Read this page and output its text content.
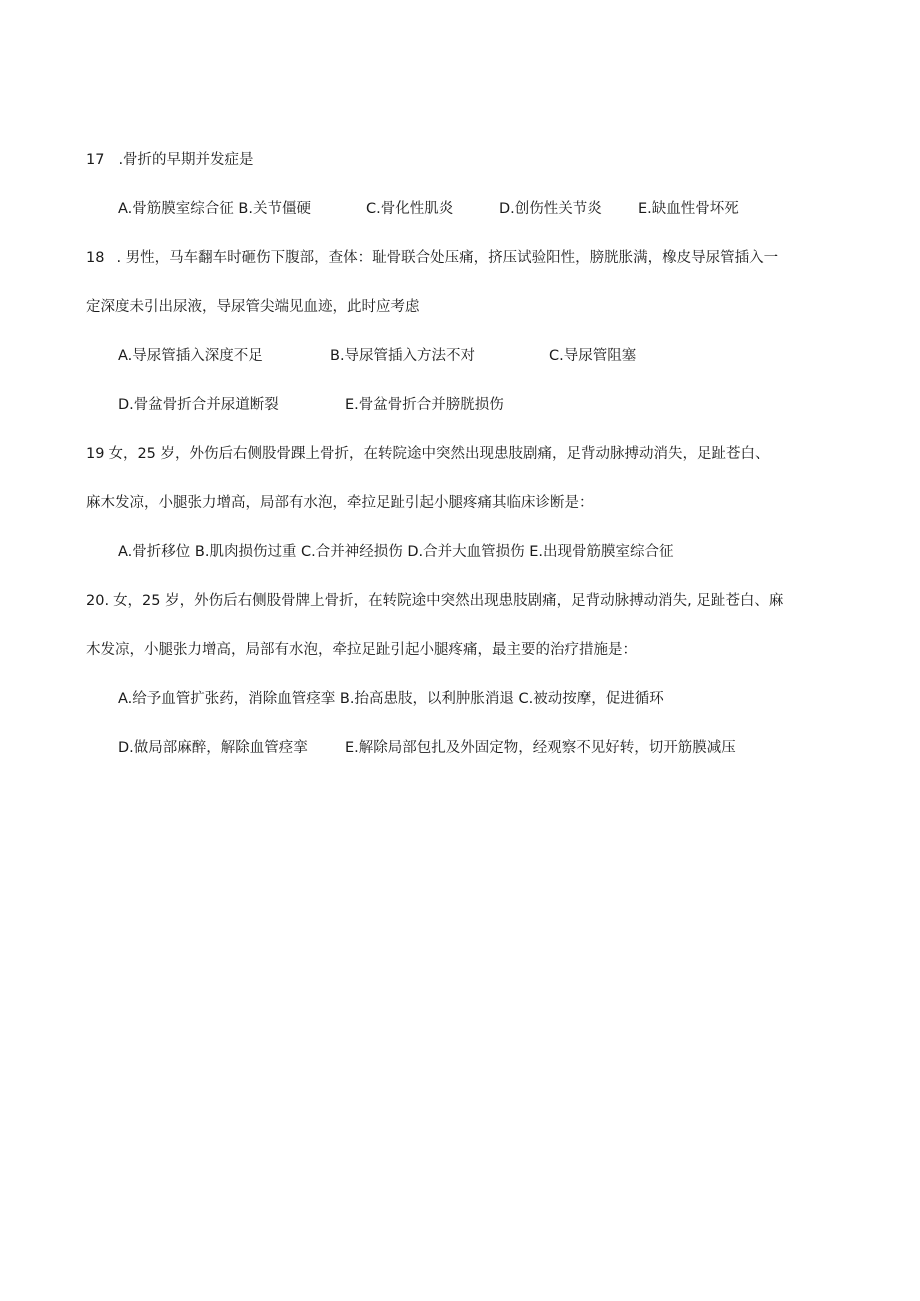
17 .骨折的早期并发症是
A.骨筋膜室综合征 B.关节僵硬	C.骨化性肌炎	D.创伤性关节炎 E.缺血性骨坏死
18 . 男性，马车翻车时砸伤下腹部，查体：耻骨联合处压痛，挤压试验阳性，膀胱胀满，橡皮导尿管插入一
定深度未引出尿液，导尿管尖端见血迹，此时应考虑
A.导尿管插入深度不足	B.导尿管插入方法不对	C.导尿管阻塞
D.骨盆骨折合并尿道断裂	E.骨盆骨折合并膀胱损伤
19 女，25 岁，外伤后右侧股骨踝上骨折，在转院途中突然出现患肢剧痛，足背动脉搏动消失，足趾苍白、
麻木发凉，小腿张力增高，局部有水泡，牵拉足趾引起小腿疼痛其临床诊断是：
A.骨折移位 B.肌肉损伤过重 C.合并神经损伤 D.合并大血管损伤 E.出现骨筋膜室综合征
20. 女，25 岁，外伤后右侧股骨牌上骨折，在转院途中突然出现患肢剧痛，足背动脉搏动消失, 足趾苍白、麻
木发凉，小腿张力增高，局部有水泡，牵拉足趾引起小腿疼痛，最主要的治疗措施是：
A.给予血管扩张药，消除血管痉挛 B.抬高患肢，以利肿胀消退 C.被动按摩，促进循环
D.做局部麻醉，解除血管痉挛	E.解除局部包扎及外固定物，经观察不见好转，切开筋膜减压
